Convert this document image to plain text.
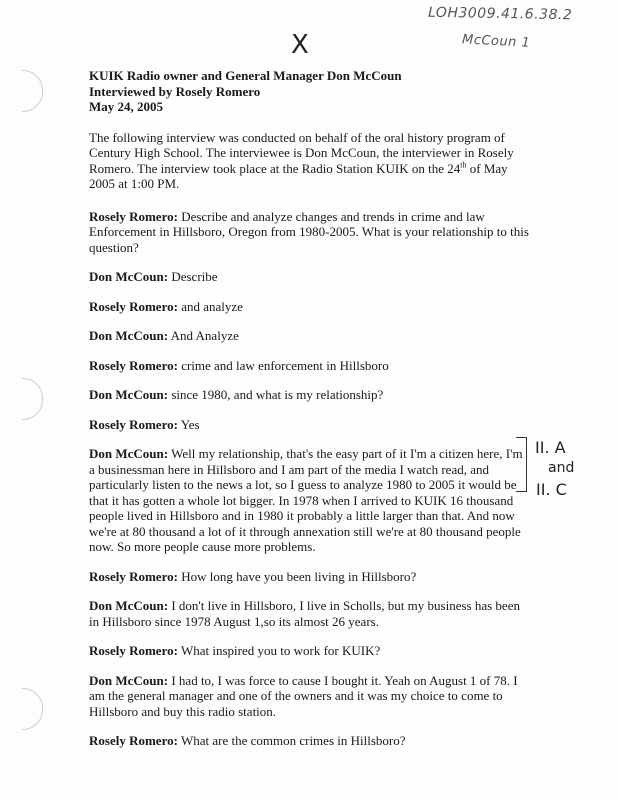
LOH3009.41.6.38.2
McCoun 1
X

KUIK Radio owner and General Manager Don McCoun

Interviewed by Rosely Romero

May 24, 2005

The following interview was conducted on behalf of the oral history program of Century High School. The interviewee is Don McCoun, the interviewer in Rosely Romero. The interview took place at the Radio Station KUIK on the 24th of May 2005 at 1:00 PM.

Rosely Romero: Describe and analyze changes and trends in crime and law Enforcement in Hillsboro, Oregon from 1980-2005. What is your relationship to this question?

Don McCoun: Describe

Rosely Romero: and analyze

Don McCoun: And Analyze

Rosely Romero: crime and law enforcement in Hillsboro

Don McCoun: since 1980, and what is my relationship?

Rosely Romero: Yes

Don McCoun: Well my relationship, that's the easy part of it I'm a citizen here, I'm a businessman here in Hillsboro and I am part of the media I watch read, and particularly listen to the news a lot, so I guess to analyze 1980 to 2005 it would be that it has gotten a whole lot bigger. In 1978 when I arrived to KUIK 16 thousand people lived in Hillsboro and in 1980 it probably a little larger than that. And now we're at 80 thousand a lot of it through annexation still we're at 80 thousand people now. So more people cause more problems.

Rosely Romero: How long have you been living in Hillsboro?

Don McCoun: I don't live in Hillsboro, I live in Scholls, but my business has been in Hillsboro since 1978 August 1,so its almost 26 years.

Rosely Romero: What inspired you to work for KUIK?

Don McCoun: I had to, I was force to cause I bought it. Yeah on August 1 of 78. I am the general manager and one of the owners and it was my choice to come to Hillsboro and buy this radio station.

Rosely Romero: What are the common crimes in Hillsboro?

II. A
and
II. C
